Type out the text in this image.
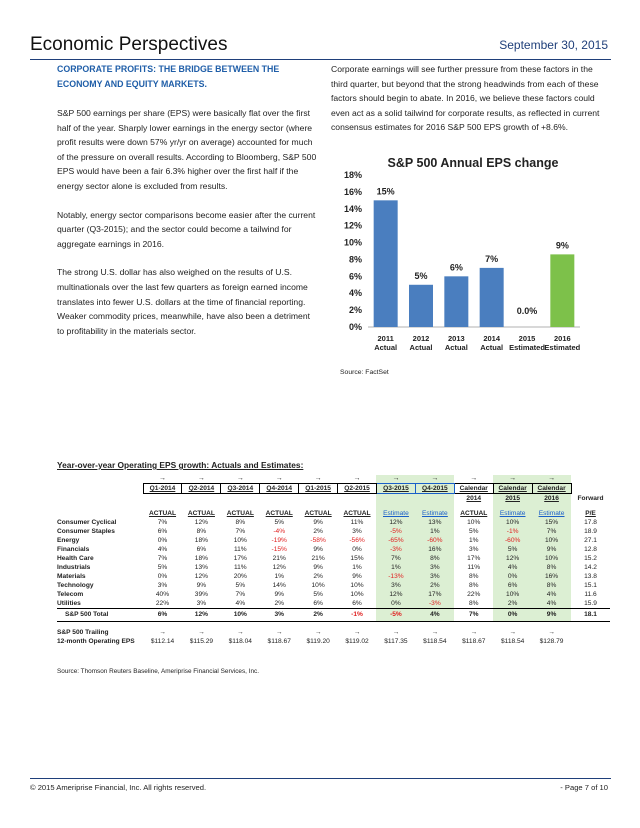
Economic Perspectives	September 30, 2015

CORPORATE PROFITS: THE BRIDGE BETWEEN THE ECONOMY AND EQUITY MARKETS.

S&P 500 earnings per share (EPS) were basically flat over the first half of the year. Sharply lower earnings in the energy sector (where profit results were down 57% yr/yr on average) accounted for much of the pressure on overall results. According to Bloomberg, S&P 500 EPS would have been a fair 6.3% higher over the first half if the energy sector alone is excluded from results.

Notably, energy sector comparisons become easier after the current quarter (Q3-2015); and the sector could become a tailwind for aggregate earnings in 2016.

The strong U.S. dollar has also weighed on the results of U.S. multinationals over the last few quarters as foreign earned income translates into fewer U.S. dollars at the time of financial reporting. Weaker commodity prices, meanwhile, have also been a detriment to profitability in the materials sector.

Corporate earnings will see further pressure from these factors in the third quarter, but beyond that the strong headwinds from each of these factors should begin to abate. In 2016, we believe these factors could even act as a solid tailwind for corporate results, as reflected in current consensus estimates for 2016 S&P 500 EPS growth of +8.6%.

S&P 500 Annual EPS change
0%
2%
4%
6%
8%
10%
12%
14%
16%
18%
15%
2011
Actual
5%
2012
Actual
6%
2013
Actual
7%
2014
Actual
0.0%
2015
Estimated
9%
2016
Estimated
Source: FactSet
Year-over-year Operating EPS growth: Actuals and Estimates:
	→	→	→	→	→	→	→	→	→	→	→	
	Q1-2014	Q2-2014	Q3-2014	Q4-2014	Q1-2015	Q2-2015	Q3-2015	Q4-2015	Calendar	Calendar	Calendar	
									2014	2015	2016	Forward

	ACTUAL	ACTUAL	ACTUAL	ACTUAL	ACTUAL	ACTUAL	Estimate	Estimate	ACTUAL	Estimate	Estimate	P/E
Consumer Cyclical	7%	12%	8%	5%	9%	11%	12%	13%	10%	10%	15%	17.8
Consumer Staples	6%	8%	7%	-4%	2%	3%	-5%	1%	5%	-1%	7%	18.9
Energy	0%	18%	10%	-19%	-58%	-56%	-65%	-60%	1%	-60%	10%	27.1
Financials	4%	6%	11%	-15%	9%	0%	-3%	16%	3%	5%	9%	12.8
Health Care	7%	18%	17%	21%	21%	15%	7%	8%	17%	12%	10%	15.2
Industrials	5%	13%	11%	12%	9%	1%	1%	3%	11%	4%	8%	14.2
Materials	0%	12%	20%	1%	2%	9%	-13%	3%	8%	0%	16%	13.8
Technology	3%	9%	5%	14%	10%	10%	3%	2%	8%	6%	8%	15.1
Telecom	40%	39%	7%	9%	5%	10%	12%	17%	22%	10%	4%	11.6
Utilities	22%	3%	4%	2%	6%	6%	0%	-3%	8%	2%	4%	15.9
S&P 500 Total	6%	12%	10%	3%	2%	-1%	-5%	4%	7%	0%	9%	18.1

S&P 500 Trailing	→	→	→	→	→	→	→	→	→	→	→	
12-month Operating EPS	$112.14	$115.29	$118.04	$118.67	$119.20	$119.02	$117.35	$118.54	$118.67	$118.54	$128.79	
Source: Thomson Reuters Baseline, Ameriprise Financial Services, Inc.
© 2015 Ameriprise Financial, Inc. All rights reserved.	- Page 7 of 10
